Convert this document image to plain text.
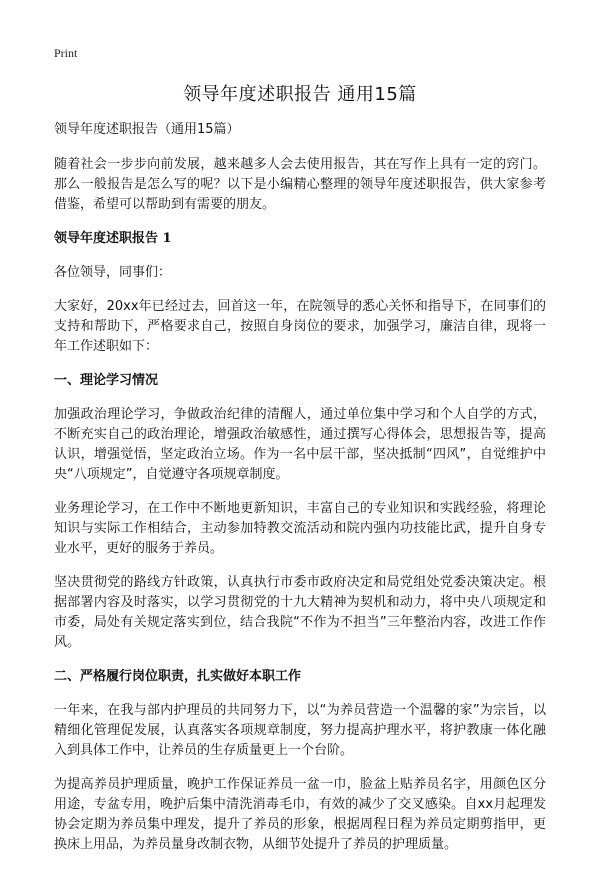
Print
领导年度述职报告 通用15篇

领导年度述职报告（通用15篇）

随着社会一步步向前发展，越来越多人会去使用报告，其在写作上具有一定的窍门。那么一般报告是怎么写的呢？以下是小编精心整理的领导年度述职报告，供大家参考借鉴，希望可以帮助到有需要的朋友。

领导年度述职报告 1

各位领导，同事们：

大家好，20xx年已经过去，回首这一年，在院领导的悉心关怀和指导下，在同事们的支持和帮助下，严格要求自己，按照自身岗位的要求，加强学习，廉洁自律，现将一年工作述职如下：

一、理论学习情况

加强政治理论学习，争做政治纪律的清醒人，通过单位集中学习和个人自学的方式，不断充实自己的政治理论，增强政治敏感性，通过撰写心得体会，思想报告等，提高认识，增强觉悟，坚定政治立场。作为一名中层干部，坚决抵制“四风”，自觉维护中央“八项规定”，自觉遵守各项规章制度。

业务理论学习，在工作中不断地更新知识，丰富自己的专业知识和实践经验，将理论知识与实际工作相结合，主动参加特教交流活动和院内强内功技能比武，提升自身专业水平，更好的服务于养员。

坚决贯彻党的路线方针政策，认真执行市委市政府决定和局党组处党委决策决定。根据部署内容及时落实，以学习贯彻党的十九大精神为契机和动力，将中央八项规定和市委，局处有关规定落实到位，结合我院“不作为不担当”三年整治内容，改进工作作风。

二、严格履行岗位职责，扎实做好本职工作

一年来，在我与部内护理员的共同努力下，以“为养员营造一个温馨的家”为宗旨，以精细化管理促发展，认真落实各项规章制度，努力提高护理水平，将护教康一体化融入到具体工作中，让养员的生存质量更上一个台阶。

为提高养员护理质量，晚护工作保证养员一盆一巾，脸盆上贴养员名字，用颜色区分用途，专盆专用，晚护后集中清洗消毒毛巾，有效的减少了交叉感染。自xx月起理发协会定期为养员集中理发，提升了养员的形象，根据周程日程为养员定期剪指甲，更换床上用品，为养员量身改制衣物，从细节处提升了养员的护理质量。
